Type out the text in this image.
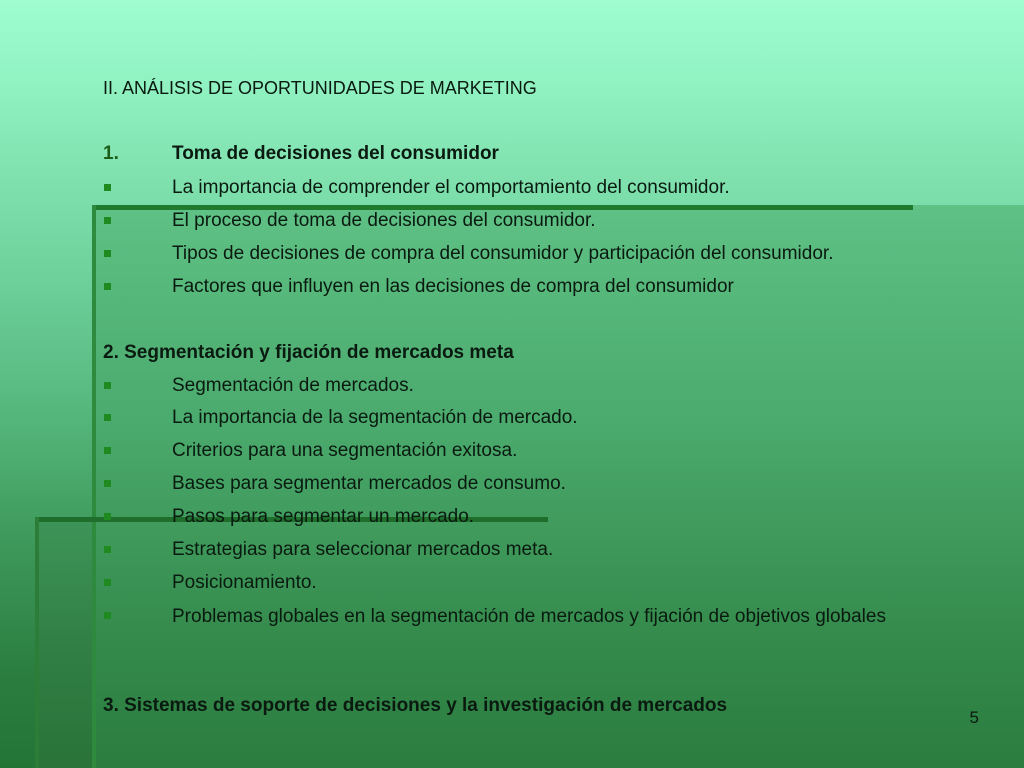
II. ANÁLISIS DE OPORTUNIDADES DE MARKETING
1.	Toma de decisiones del consumidor
La importancia de comprender el comportamiento del consumidor.
El proceso de toma de decisiones del consumidor.
Tipos de decisiones de compra del consumidor y participación del consumidor.
Factores que influyen en las decisiones de compra del consumidor
2. Segmentación y fijación de mercados meta
Segmentación de mercados.
La importancia de la segmentación de mercado.
Criterios para una segmentación exitosa.
Bases para segmentar mercados de consumo.
Pasos para segmentar un mercado.
Estrategias para seleccionar mercados meta.
Posicionamiento.
Problemas globales en la segmentación de mercados y fijación de objetivos globales
3. Sistemas de soporte de decisiones y la investigación de mercados
5
